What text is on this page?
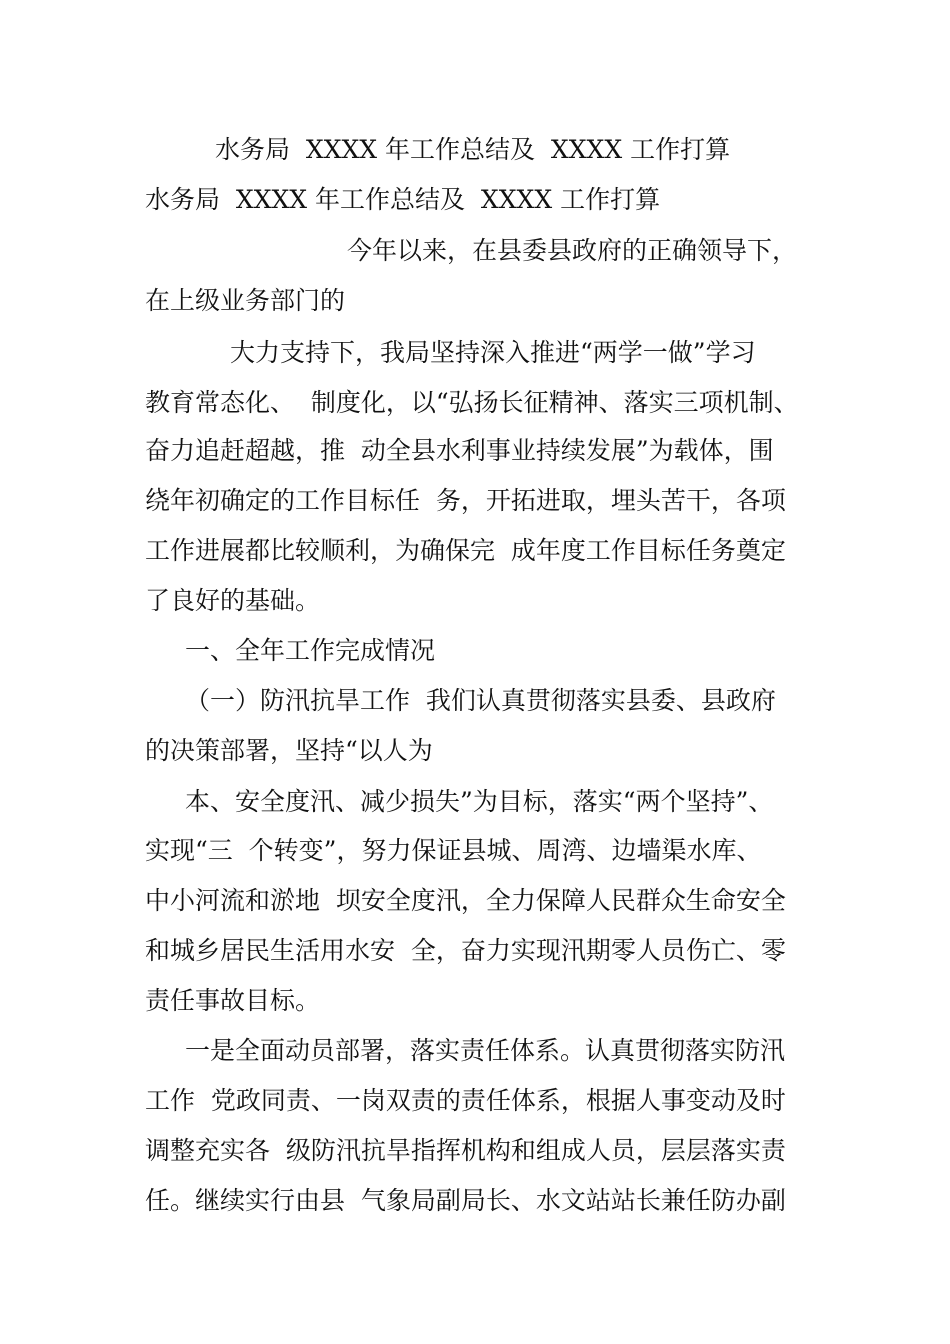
水务局  XXXX 年工作总结及  XXXX 工作打算
水务局  XXXX 年工作总结及  XXXX 工作打算
今年以来，在县委县政府的正确领导下，
在上级业务部门的
大力支持下，我局坚持深入推进“两学一做”学习
教育常态化、  制度化，以“弘扬长征精神、落实三项机制、
奋力追赶超越，推  动全县水利事业持续发展”为载体，围
绕年初确定的工作目标任  务，开拓进取，埋头苦干，各项
工作进展都比较顺利，为确保完  成年度工作目标任务奠定
了良好的基础。
一、全年工作完成情况
（一）防汛抗旱工作  我们认真贯彻落实县委、县政府
的决策部署，坚持“以人为
本、安全度汛、减少损失”为目标，落实“两个坚持”、
实现“三  个转变”，努力保证县城、周湾、边墙渠水库、
中小河流和淤地  坝安全度汛，全力保障人民群众生命安全
和城乡居民生活用水安  全，奋力实现汛期零人员伤亡、零
责任事故目标。
一是全面动员部署，落实责任体系。认真贯彻落实防汛
工作  党政同责、一岗双责的责任体系，根据人事变动及时
调整充实各  级防汛抗旱指挥机构和组成人员，层层落实责
任。继续实行由县  气象局副局长、水文站站长兼任防办副
